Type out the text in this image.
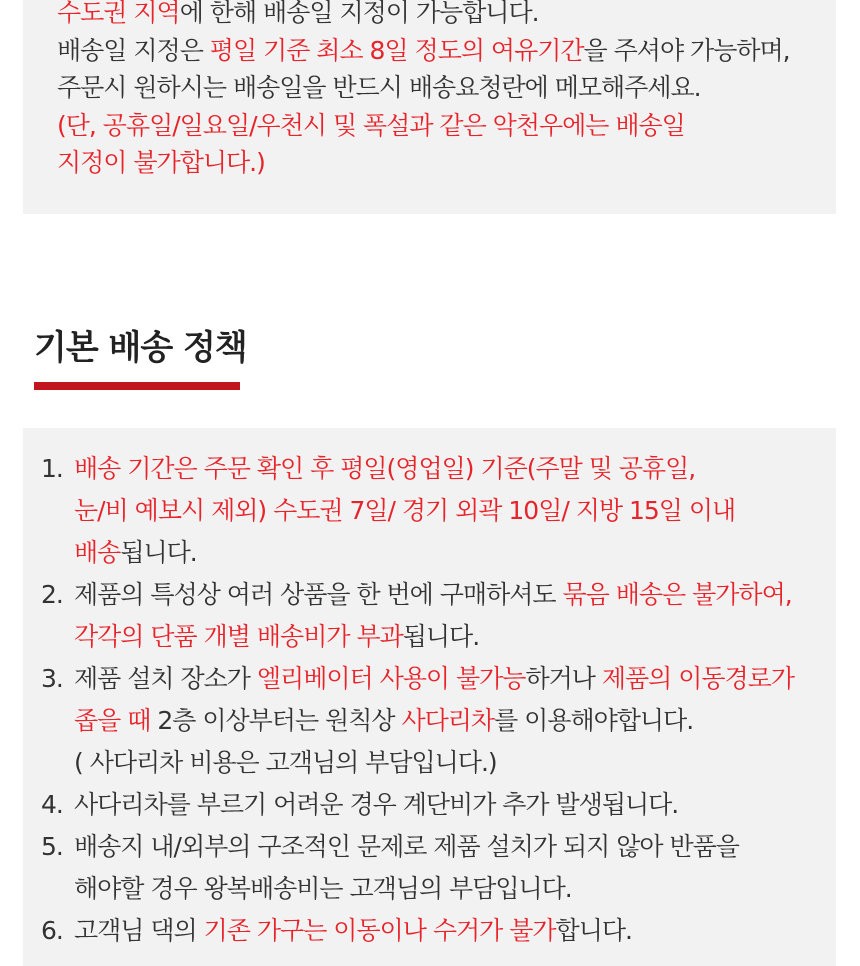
수도권 지역에 한해 배송일 지정이 가능합니다.
배송일 지정은 평일 기준 최소 8일 정도의 여유기간을 주셔야 가능하며,
주문시 원하시는 배송일을 반드시 배송요청란에 메모해주세요.
(단, 공휴일/일요일/우천시 및 폭설과 같은 악천우에는 배송일
지정이 불가합니다.)
기본 배송 정책
1. 배송 기간은 주문 확인 후 평일(영업일) 기준(주말 및 공휴일,
눈/비 예보시 제외) 수도권 7일/ 경기 외곽 10일/ 지방 15일 이내
배송됩니다.
2. 제품의 특성상 여러 상품을 한 번에 구매하셔도 묶음 배송은 불가하여,
각각의 단품 개별 배송비가 부과됩니다.
3. 제품 설치 장소가 엘리베이터 사용이 불가능하거나 제품의 이동경로가
좁을 때 2층 이상부터는 원칙상 사다리차를 이용해야합니다.
( 사다리차 비용은 고객님의 부담입니다.)
4. 사다리차를 부르기 어려운 경우 계단비가 추가 발생됩니다.
5. 배송지 내/외부의 구조적인 문제로 제품 설치가 되지 않아 반품을
해야할 경우 왕복배송비는 고객님의 부담입니다.
6. 고객님 댁의 기존 가구는 이동이나 수거가 불가합니다.
